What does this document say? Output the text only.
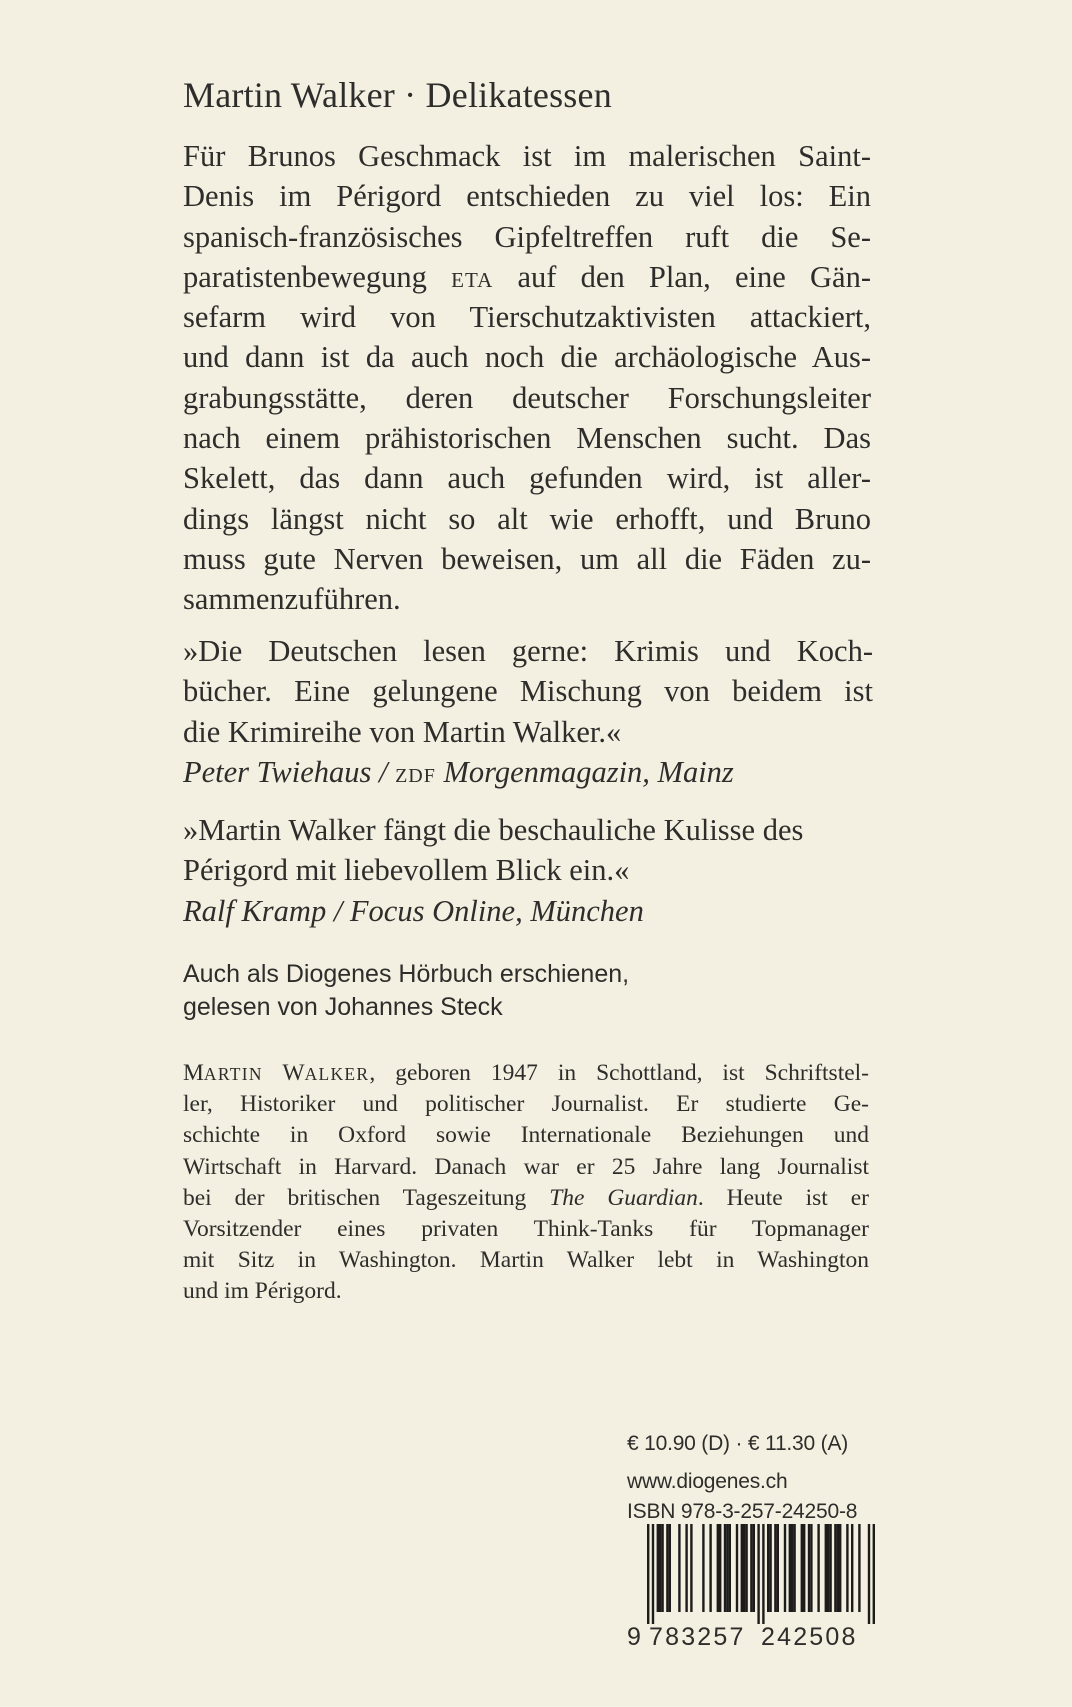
Martin Walker · Delikatessen
Für Brunos Geschmack ist im malerischen Saint-
Denis im Périgord entschieden zu viel los: Ein
spanisch-französisches Gipfeltreffen ruft die Se-
paratistenbewegung ETA auf den Plan, eine Gän-
sefarm wird von Tierschutzaktivisten attackiert,
und dann ist da auch noch die archäologische Aus-
grabungsstätte, deren deutscher Forschungsleiter
nach einem prähistorischen Menschen sucht. Das
Skelett, das dann auch gefunden wird, ist aller-
dings längst nicht so alt wie erhofft, und Bruno
muss gute Nerven beweisen, um all die Fäden zu-
sammenzuführen.
»Die Deutschen lesen gerne: Krimis und Koch-
bücher. Eine gelungene Mischung von beidem ist
die Krimireihe von Martin Walker.«
Peter Twiehaus / ZDF Morgenmagazin, Mainz
»Martin Walker fängt die beschauliche Kulisse des
Périgord mit liebevollem Blick ein.«
Ralf Kramp / Focus Online, München
Auch als Diogenes Hörbuch erschienen,
gelesen von Johannes Steck
MARTIN WALKER, geboren 1947 in Schottland, ist Schriftstel-
ler, Historiker und politischer Journalist. Er studierte Ge-
schichte in Oxford sowie Internationale Beziehungen und
Wirtschaft in Harvard. Danach war er 25 Jahre lang Journalist
bei der britischen Tageszeitung The Guardian. Heute ist er
Vorsitzender eines privaten Think-Tanks für Topmanager
mit Sitz in Washington. Martin Walker lebt in Washington
und im Périgord.
€ 10.90 (D) · € 11.30 (A)
www.diogenes.ch
ISBN 978-3-257-24250-8
9 783257 242508
